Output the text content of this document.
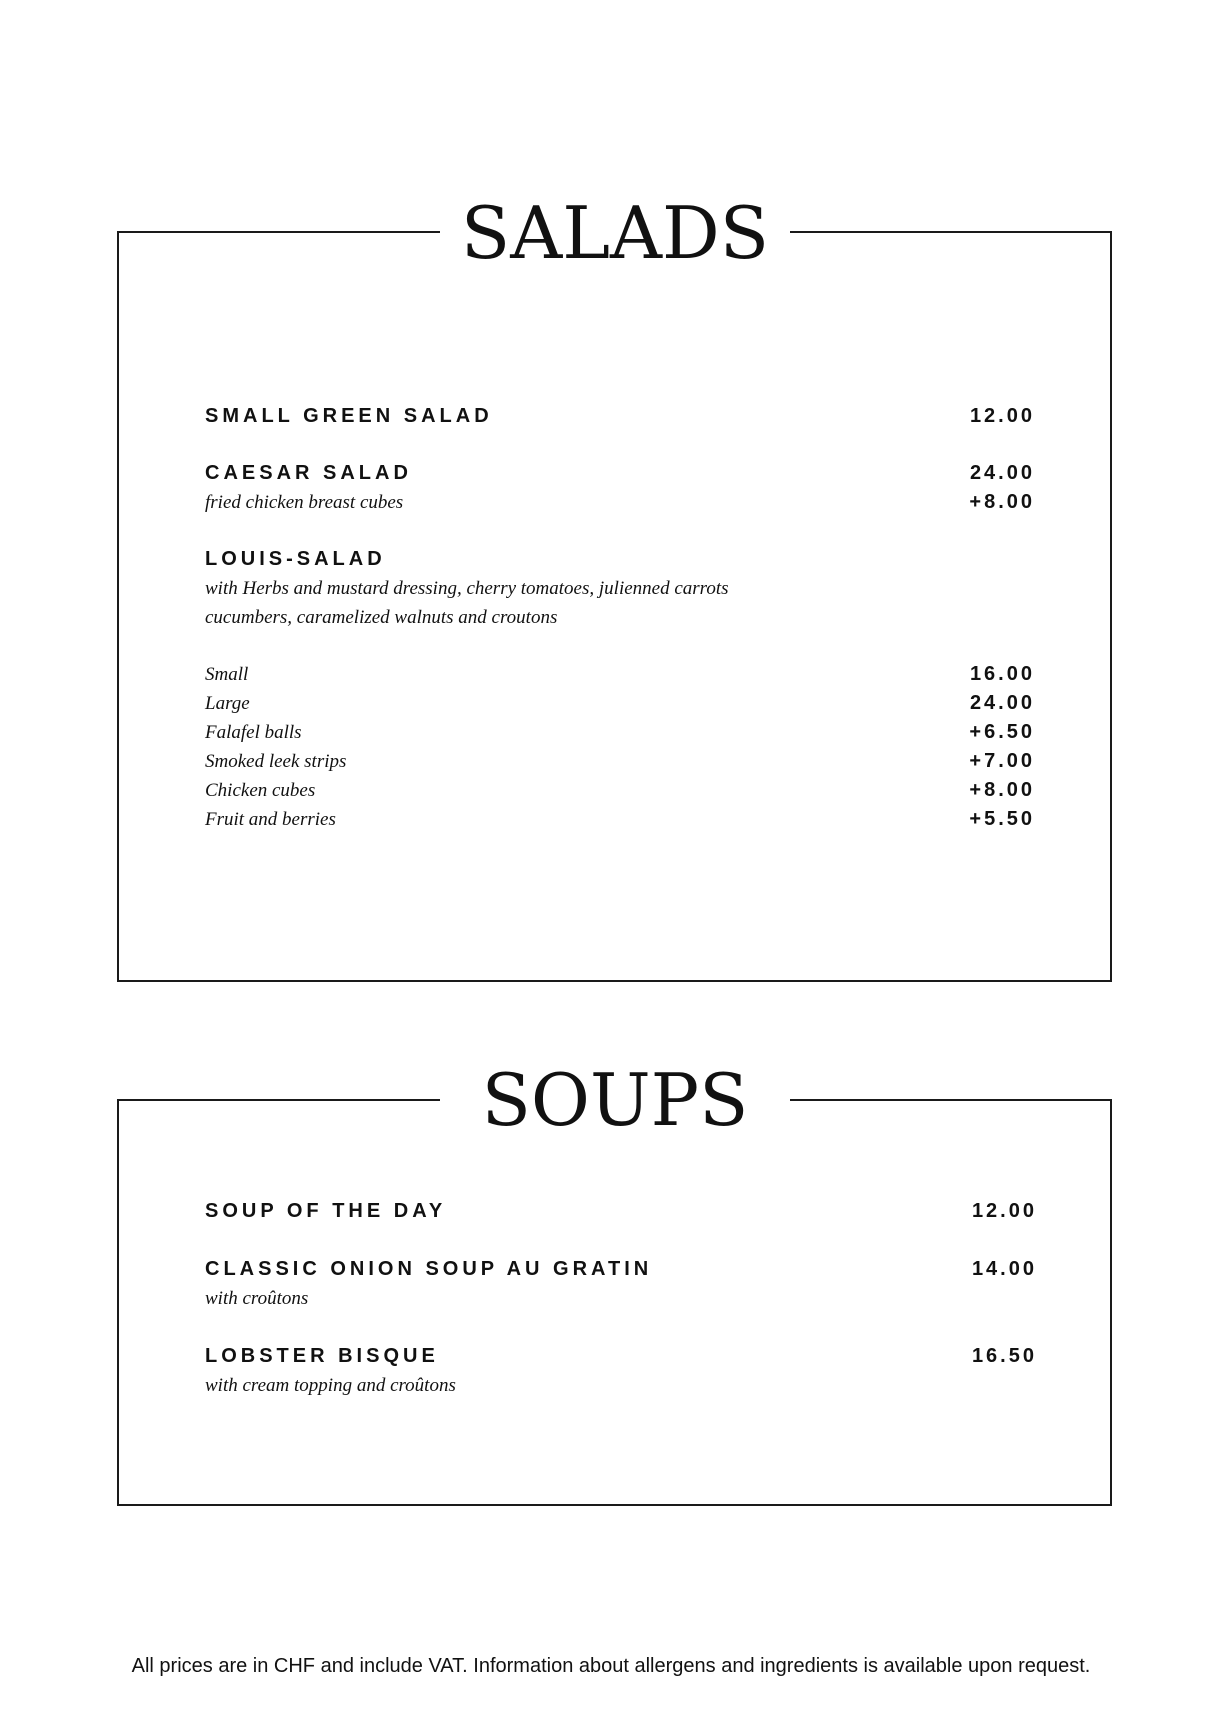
SALADS
SMALL GREEN SALAD	12.00
CAESAR SALAD	24.00
fried chicken breast cubes	+8.00
LOUIS-SALAD
with Herbs and mustard dressing, cherry tomatoes, julienned carrots
cucumbers, caramelized walnuts and croutons
Small	16.00
Large	24.00
Falafel balls	+6.50
Smoked leek strips	+7.00
Chicken cubes	+8.00
Fruit and berries	+5.50
SOUPS
SOUP OF THE DAY	12.00
CLASSIC ONION SOUP AU GRATIN	14.00
with croûtons
LOBSTER BISQUE	16.50
with cream topping and croûtons

All prices are in CHF and include VAT. Information about allergens and ingredients is available upon request.
